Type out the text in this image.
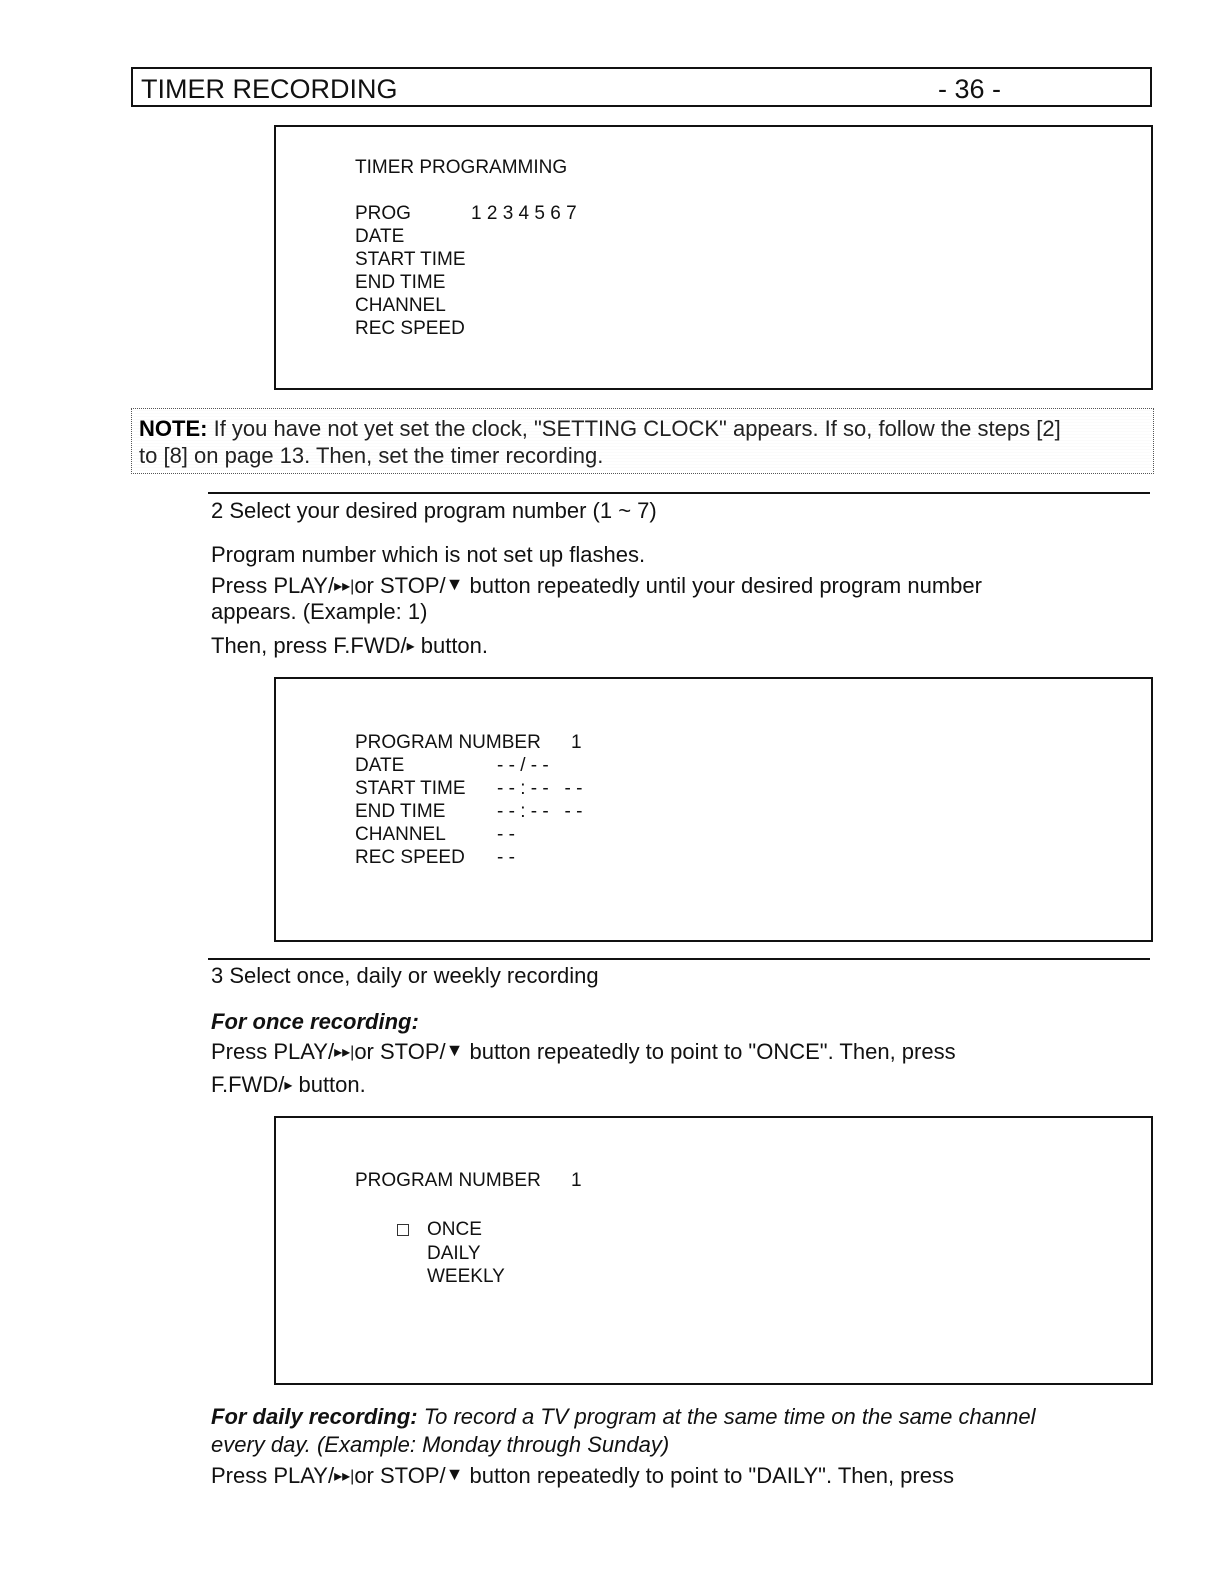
TIMER RECORDING	- 36 -
TIMER PROGRAMMING
PROG	1 2 3 4 5 6 7
DATE
START TIME
END TIME
CHANNEL
REC SPEED
NOTE: If you have not yet set the clock, "SETTING CLOCK" appears. If so, follow the steps [2]
to [8] on page 13. Then, set the timer recording.
2 Select your desired program number (1 ~ 7)
Program number which is not set up flashes.
Press PLAY/▸▸|or STOP/▼ button repeatedly until your desired program number
appears. (Example: 1)
Then, press F.FWD/▸ button.
PROGRAM NUMBER 1
DATE	- - / - -
START TIME - - : - -   - -
END TIME	- - : - -   - -
CHANNEL	- -
REC SPEED - -
3 Select once, daily or weekly recording
For once recording:
Press PLAY/▸▸|or STOP/▼ button repeatedly to point to "ONCE". Then, press
F.FWD/▸ button.
PROGRAM NUMBER 1
ONCE
DAILY
WEEKLY
For daily recording: To record a TV program at the same time on the same channel
every day. (Example: Monday through Sunday)
Press PLAY/▸▸|or STOP/▼ button repeatedly to point to "DAILY". Then, press
